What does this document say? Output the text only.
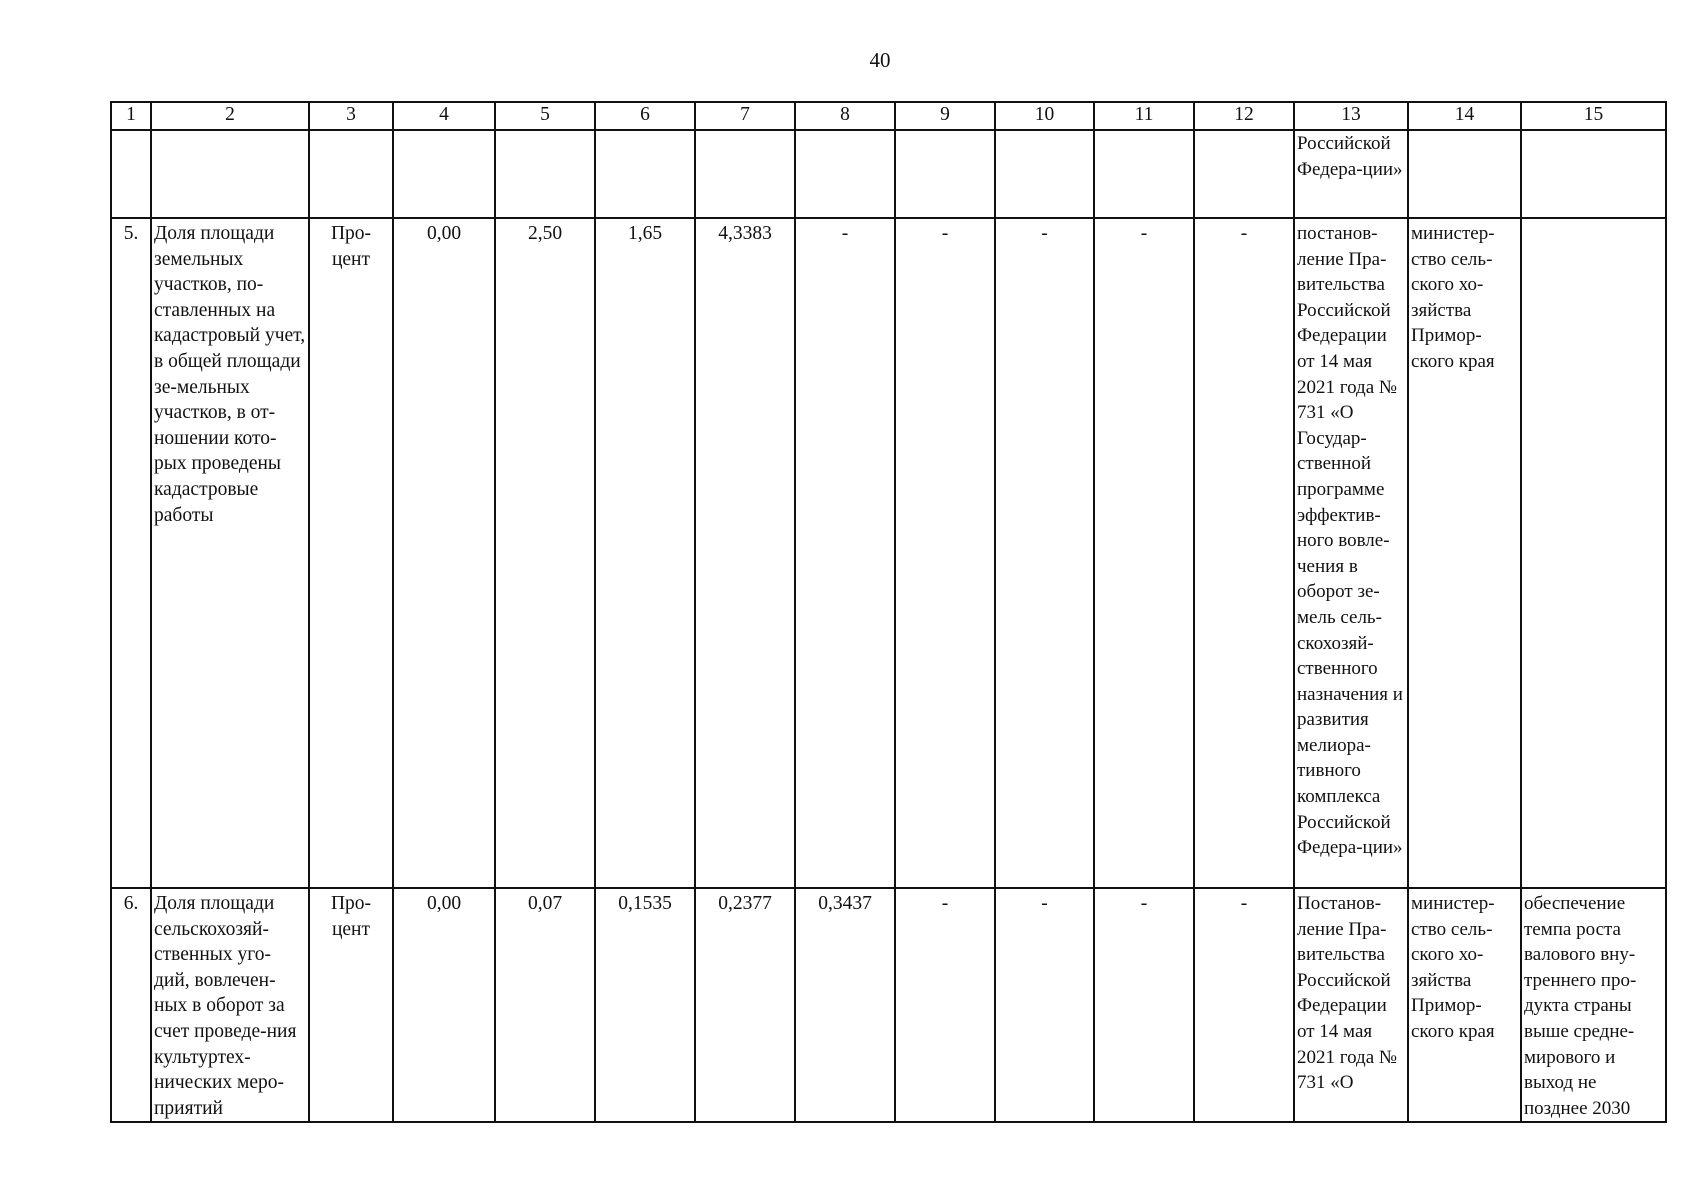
40
1	2	3	4	5	6	7	8	9	10	11	12	13	14	15
												Российской Федера-ции»		
5.	Доля площади земельных участков, по-ставленных на кадастровый учет, в общей площади зе-мельных участков, в от-ношении кото-рых проведены кадастровые работы	Про-цент	0,00	2,50	1,65	4,3383	-	-	-	-	-	постанов-ление Пра-вительства Российской Федерации от 14 мая 2021 года № 731 «О Государ-ственной программе эффектив-ного вовле-чения в оборот зе-мель сель-скохозяй-ственного назначения и развития мелиора-тивного комплекса Российской Федера-ции»	министер-ство сель-ского хо-зяйства Примор-ского края	
6.	Доля площади сельскохозяй-ственных уго-дий, вовлечен-ных в оборот за счет проведе-ния культуртех-нических меро-приятий	Про-цент	0,00	0,07	0,1535	0,2377	0,3437	-	-	-	-	Постанов-ление Пра-вительства Российской Федерации от 14 мая 2021 года № 731 «О	министер-ство сель-ского хо-зяйства Примор-ского края	обеспечение темпа роста валового вну-треннего про-дукта страны выше средне-мирового и выход не позднее 2030
